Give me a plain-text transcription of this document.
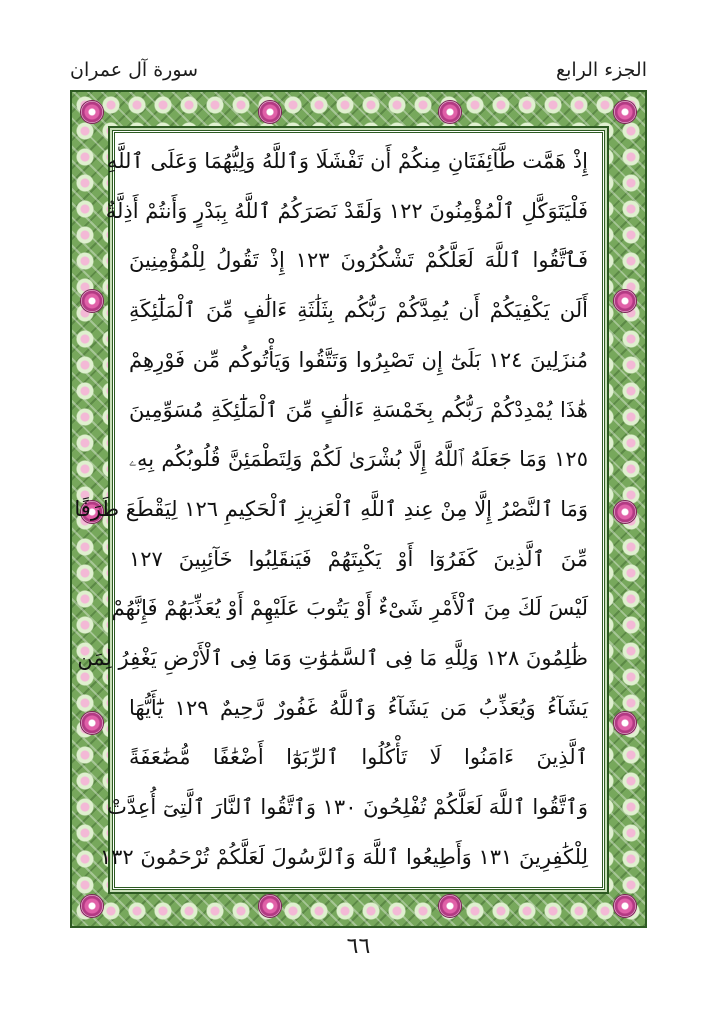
سورة آل عمران	الجزء الرابع
إِذْ هَمَّت طَّآئِفَتَانِ مِنكُمْ أَن تَفْشَلَا وَٱللَّهُ وَلِيُّهُمَا وَعَلَى ٱللَّهِ
فَلْيَتَوَكَّلِ ٱلْمُؤْمِنُونَ ١٢٢ وَلَقَدْ نَصَرَكُمُ ٱللَّهُ بِبَدْرٍ وَأَنتُمْ أَذِلَّةٌ
فَٱتَّقُوا ٱللَّهَ لَعَلَّكُمْ تَشْكُرُونَ ١٢٣ إِذْ تَقُولُ لِلْمُؤْمِنِينَ
أَلَن يَكْفِيَكُمْ أَن يُمِدَّكُمْ رَبُّكُم بِثَلَٰثَةِ ءَالَٰفٍ مِّنَ ٱلْمَلَٰٓئِكَةِ
مُنزَلِينَ ١٢٤ بَلَىٰٓ إِن تَصْبِرُوا وَتَتَّقُوا وَيَأْتُوكُم مِّن فَوْرِهِمْ
هَٰذَا يُمْدِدْكُمْ رَبُّكُم بِخَمْسَةِ ءَالَٰفٍ مِّنَ ٱلْمَلَٰٓئِكَةِ مُسَوِّمِينَ
١٢٥ وَمَا جَعَلَهُ ٱللَّهُ إِلَّا بُشْرَىٰ لَكُمْ وَلِتَطْمَئِنَّ قُلُوبُكُم بِهِۦ
وَمَا ٱلنَّصْرُ إِلَّا مِنْ عِندِ ٱللَّهِ ٱلْعَزِيزِ ٱلْحَكِيمِ ١٢٦ لِيَقْطَعَ طَرَفًا
مِّنَ ٱلَّذِينَ كَفَرُوٓا أَوْ يَكْبِتَهُمْ فَيَنقَلِبُوا خَآئِبِينَ ١٢٧
لَيْسَ لَكَ مِنَ ٱلْأَمْرِ شَىْءٌ أَوْ يَتُوبَ عَلَيْهِمْ أَوْ يُعَذِّبَهُمْ فَإِنَّهُمْ
ظَٰلِمُونَ ١٢٨ وَلِلَّهِ مَا فِى ٱلسَّمَٰوَٰتِ وَمَا فِى ٱلْأَرْضِ يَغْفِرُ لِمَن
يَشَآءُ وَيُعَذِّبُ مَن يَشَآءُ وَٱللَّهُ غَفُورٌ رَّحِيمٌ ١٢٩ يَٰٓأَيُّهَا
ٱلَّذِينَ ءَامَنُوا لَا تَأْكُلُوا ٱلرِّبَوٰٓا أَضْعَٰفًا مُّضَٰعَفَةً
وَٱتَّقُوا ٱللَّهَ لَعَلَّكُمْ تُفْلِحُونَ ١٣٠ وَٱتَّقُوا ٱلنَّارَ ٱلَّتِىٓ أُعِدَّتْ
لِلْكَٰفِرِينَ ١٣١ وَأَطِيعُوا ٱللَّهَ وَٱلرَّسُولَ لَعَلَّكُمْ تُرْحَمُونَ ١٣٢
٦٦
